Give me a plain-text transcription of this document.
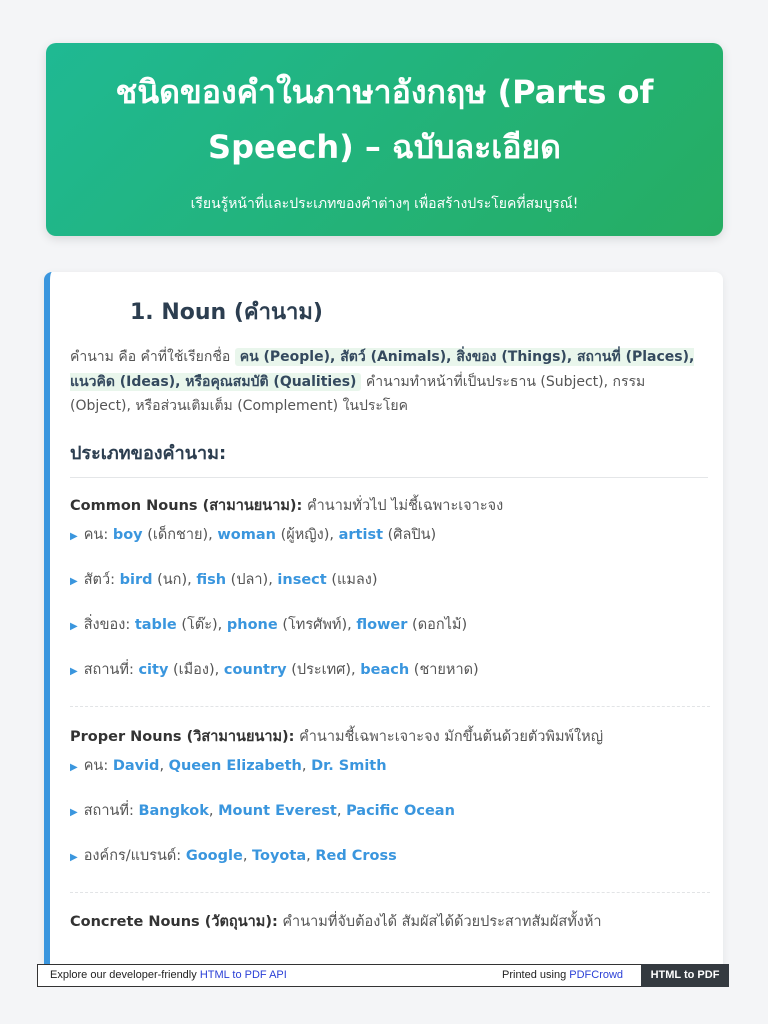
ชนิดของคำในภาษาอังกฤษ (Parts of Speech) – ฉบับละเอียด

เรียนรู้หน้าที่และประเภทของคำต่างๆ เพื่อสร้างประโยคที่สมบูรณ์!

1. Noun (คำนาม)

คำนาม คือ คำที่ใช้เรียกชื่อ คน (People), สัตว์ (Animals), สิ่งของ (Things), สถานที่ (Places), แนวคิด (Ideas), หรือคุณสมบัติ (Qualities) คำนามทำหน้าที่เป็นประธาน (Subject), กรรม (Object), หรือส่วนเติมเต็ม (Complement) ในประโยค

ประเภทของคำนาม:

Common Nouns (สามานยนาม): คำนามทั่วไป ไม่ชี้เฉพาะเจาะจง

▶ คน: boy (เด็กชาย), woman (ผู้หญิง), artist (ศิลปิน)
▶ สัตว์: bird (นก), fish (ปลา), insect (แมลง)
▶ สิ่งของ: table (โต๊ะ), phone (โทรศัพท์), flower (ดอกไม้)
▶ สถานที่: city (เมือง), country (ประเทศ), beach (ชายหาด)

Proper Nouns (วิสามานยนาม): คำนามชี้เฉพาะเจาะจง มักขึ้นต้นด้วยตัวพิมพ์ใหญ่

▶ คน: David, Queen Elizabeth, Dr. Smith
▶ สถานที่: Bangkok, Mount Everest, Pacific Ocean
▶ องค์กร/แบรนด์: Google, Toyota, Red Cross

Concrete Nouns (วัตถุนาม): คำนามที่จับต้องได้ สัมผัสได้ด้วยประสาทสัมผัสทั้งห้า

Explore our developer-friendly HTML to PDF API	Printed using PDFCrowd	HTML to PDF
